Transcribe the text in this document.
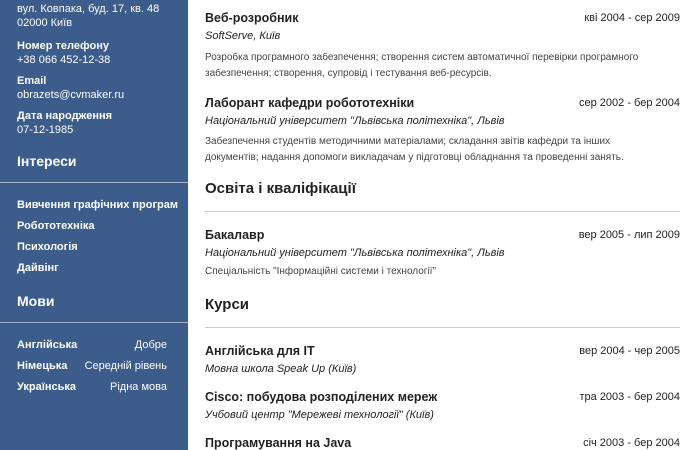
вул. Ковпака, буд. 17, кв. 48
02000 Київ
Номер телефону
+38 066 452-12-38
Email
obrazets@cvmaker.ru
Дата народження
07-12-1985
Інтереси
Вивчення графічних програм
Робототехніка
Психологія
Дайвінг
Мови
Англійська	Добре
Німецька Середній рівень
Українська	Рідна мова
Веб-розробник	кві 2004 - сер 2009
SoftServe, Київ
Розробка програмного забезпечення; створення систем автоматичної перевірки програмного
забезпечення; створення, супровід і тестування веб-ресурсів.
Лаборант кафедри робототехніки	сер 2002 - бер 2004
Національний університет "Львівська політехніка", Львів
Забезпечення студентів методичними матеріалами; складання звітів кафедри та інших
документів; надання допомоги викладачам у підготовці обладнання та проведенні занять.
Освіта і кваліфікації
Бакалавр	вер 2005 - лип 2009
Національний університет "Львівська політехніка", Львів
Спеціальність "Інформаційні системи і технології"
Курси
Англійська для IT	вер 2004 - чер 2005
Мовна школа Speak Up (Київ)
Cisco: побудова розподілених мереж	тра 2003 - бер 2004
Учбовий центр "Мережеві технології" (Київ)
Програмування на Java	січ 2003 - бер 2004
